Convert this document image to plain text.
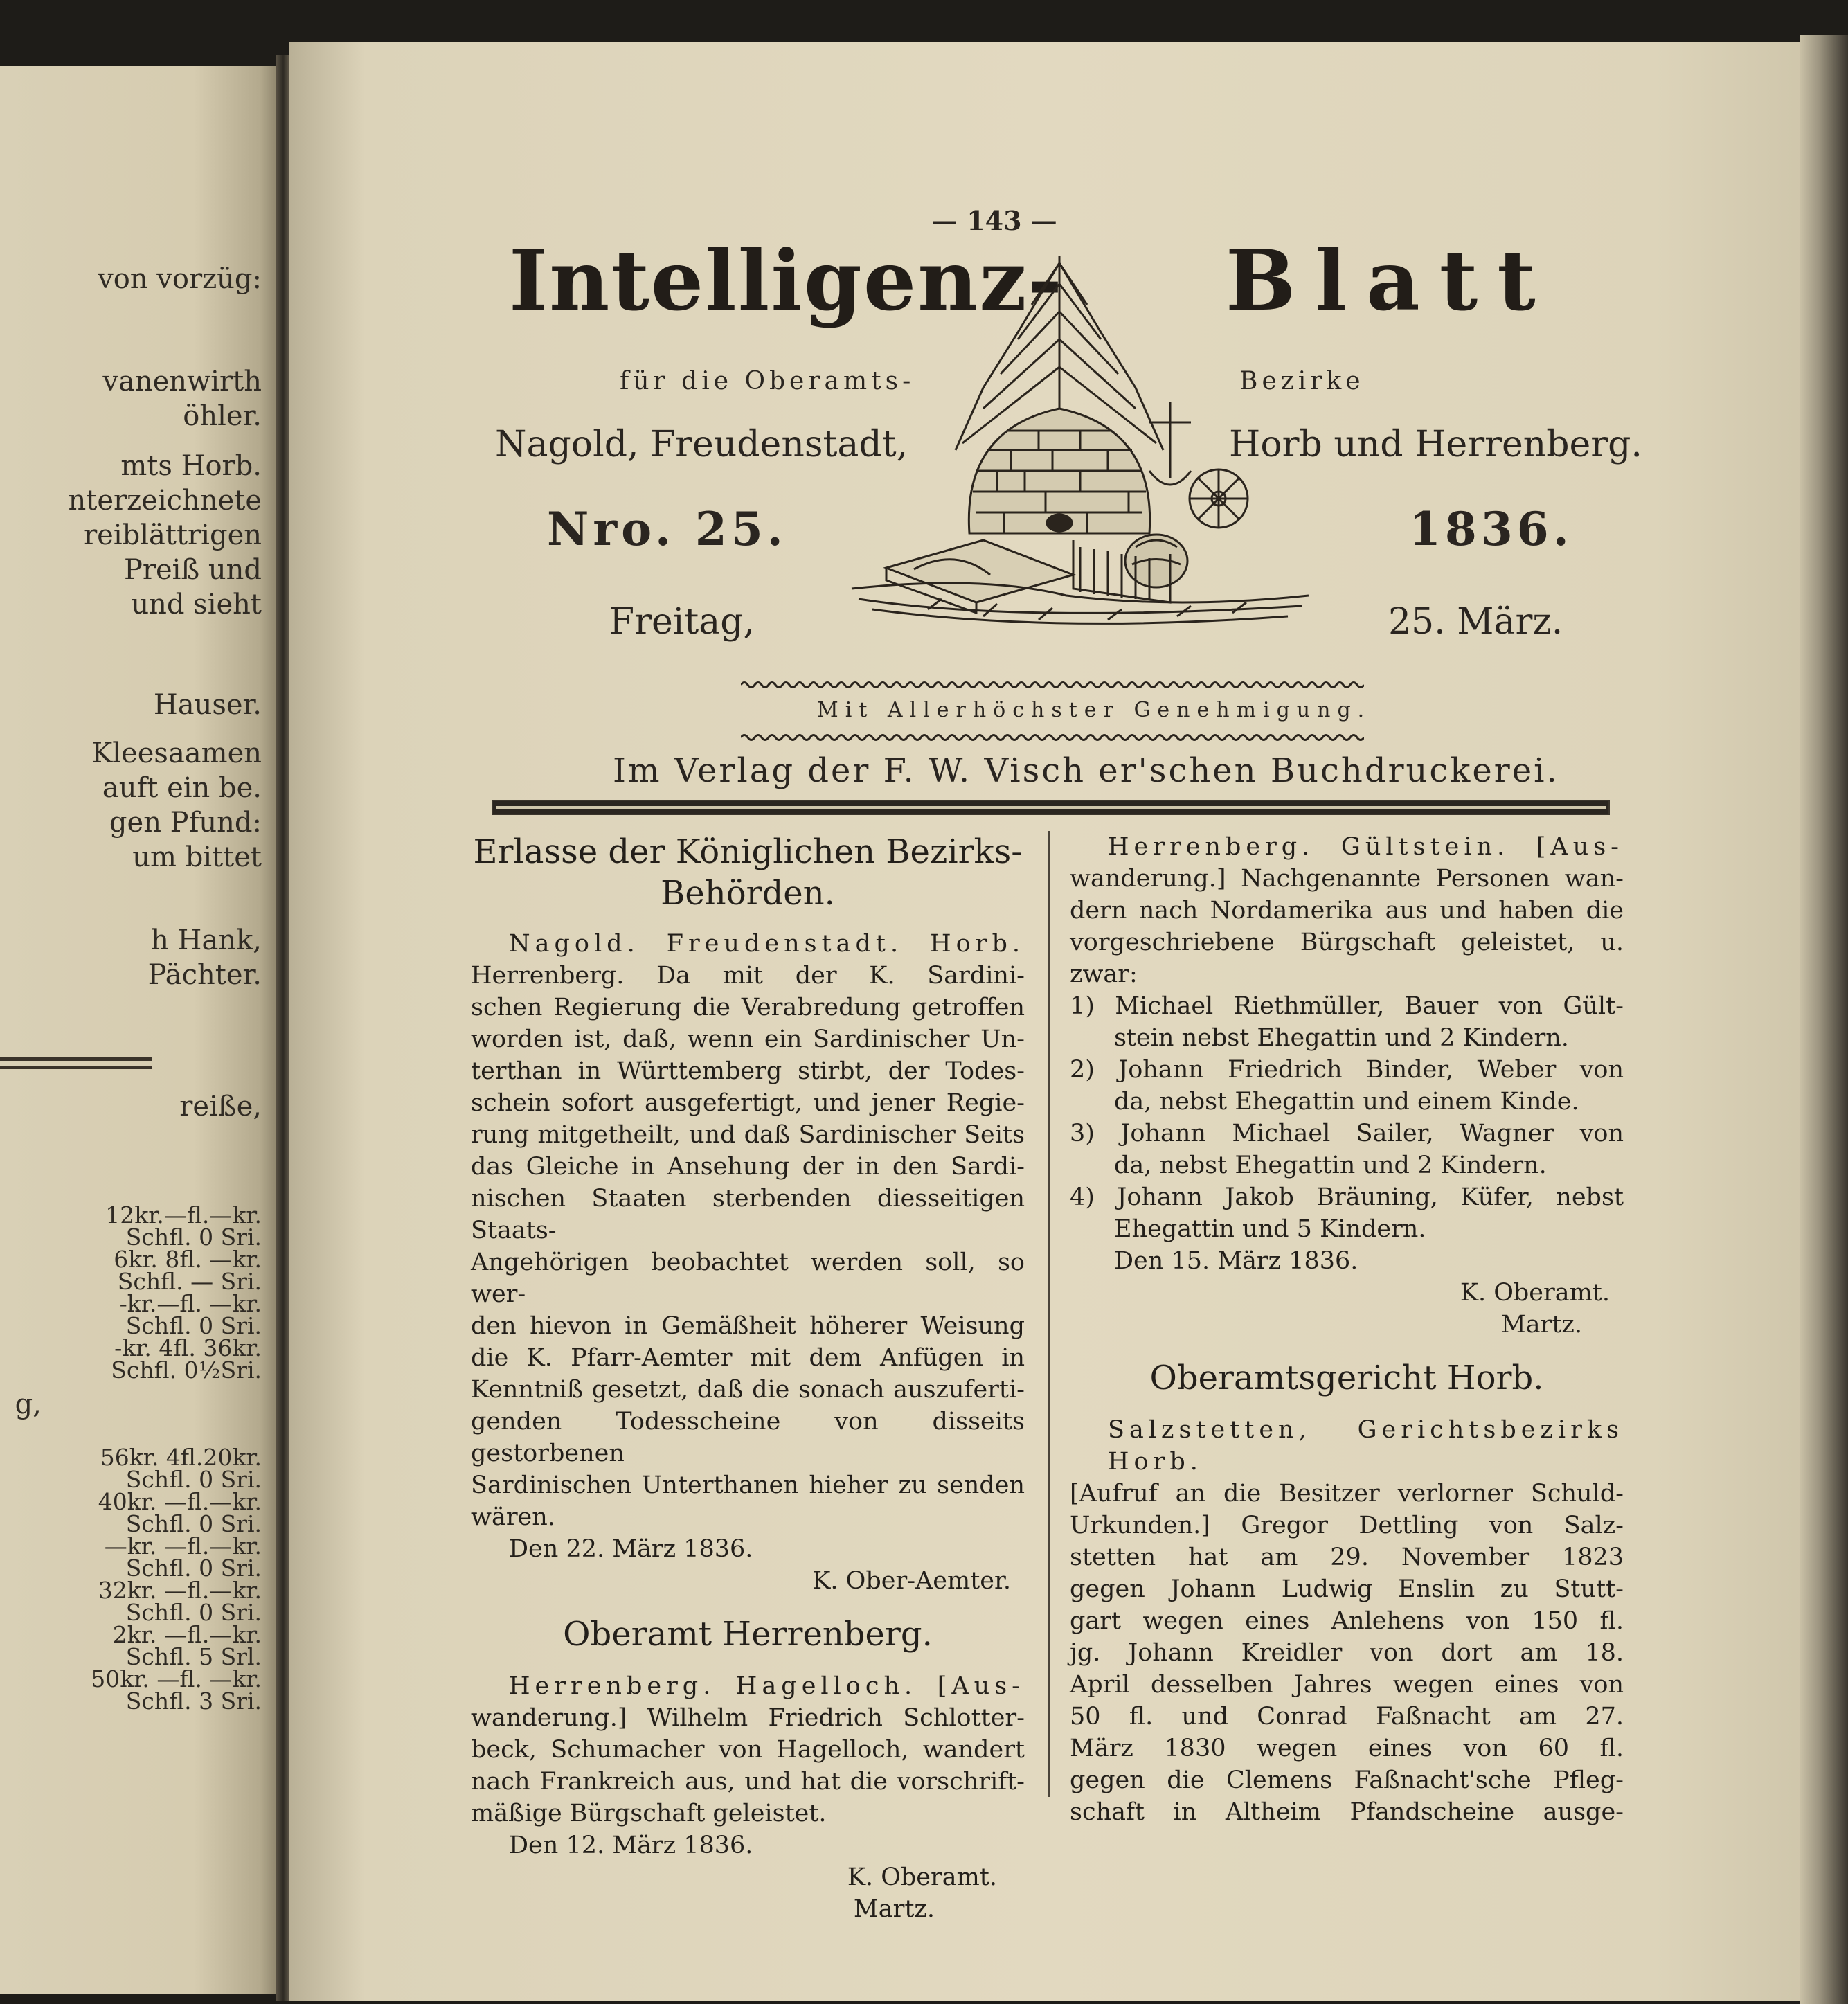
von vorzüg:
vanenwirth
öhler.
mts Horb.
nterzeichnete
reiblättrigen
Preiß und
und sieht
Hauser.
Kleesaamen
auft ein be.
gen Pfund:
um bittet
h Hank,
Pächter.
reiße,
12kr.—fl.—kr.
Schfl. 0 Sri.
6kr. 8fl. —kr.
Schfl. — Sri.
-kr.—fl. —kr.
Schfl. 0 Sri.
-kr. 4fl. 36kr.
Schfl. 0½Sri.
g,
56kr. 4fl.20kr.
Schfl. 0 Sri.
40kr. —fl.—kr.
Schfl. 0 Sri.
—kr. —fl.—kr.
Schfl. 0 Sri.
32kr. —fl.—kr.
Schfl. 0 Sri.
2kr. —fl.—kr.
Schfl. 5 Srl.
50kr. —fl. —kr.
Schfl. 3 Sri.
— 143 —
Intelligenz- Blatt
für die Oberamts-	Bezirke
Nagold, Freudenstadt,	Horb und Herrenberg.
Nro. 25.	1836.
Freitag,	25. März.
Mit Allerhöchster Genehmigung.
Im Verlag der F. W. Visch er'schen Buchdruckerei.
Erlasse der Königlichen Bezirks-
Behörden.
Nagold. Freudenstadt. Horb.
Herrenberg. Da mit der K. Sardini-
schen Regierung die Verabredung getroffen
worden ist, daß, wenn ein Sardinischer Un-
terthan in Württemberg stirbt, der Todes-
schein sofort ausgefertigt, und jener Regie-
rung mitgetheilt, und daß Sardinischer Seits
das Gleiche in Ansehung der in den Sardi-
nischen Staaten sterbenden diesseitigen Staats-
Angehörigen beobachtet werden soll, so wer-
den hievon in Gemäßheit höherer Weisung
die K. Pfarr-Aemter mit dem Anfügen in
Kenntniß gesetzt, daß die sonach auszuferti-
genden Todesscheine von disseits gestorbenen
Sardinischen Unterthanen hieher zu senden
wären.
Den 22. März 1836.
K. Ober-Aemter.
Oberamt Herrenberg.
Herrenberg. Hagelloch. [Aus-
wanderung.] Wilhelm Friedrich Schlotter-
beck, Schumacher von Hagelloch, wandert
nach Frankreich aus, und hat die vorschrift-
mäßige Bürgschaft geleistet.
Den 12. März 1836.
K. Oberamt.
Martz.
Herrenberg. Gültstein. [Aus-
wanderung.] Nachgenannte Personen wan-
dern nach Nordamerika aus und haben die
vorgeschriebene Bürgschaft geleistet, u. zwar:
1) Michael Riethmüller, Bauer von Gült-
stein nebst Ehegattin und 2 Kindern.
2) Johann Friedrich Binder, Weber von
da, nebst Ehegattin und einem Kinde.
3) Johann Michael Sailer, Wagner von
da, nebst Ehegattin und 2 Kindern.
4) Johann Jakob Bräuning, Küfer, nebst
Ehegattin und 5 Kindern.
Den 15. März 1836.
K. Oberamt.
Martz.
Oberamtsgericht Horb.
Salzstetten, Gerichtsbezirks Horb.
[Aufruf an die Besitzer verlorner Schuld-
Urkunden.] Gregor Dettling von Salz-
stetten hat am 29. November 1823
gegen Johann Ludwig Enslin zu Stutt-
gart wegen eines Anlehens von 150 fl.
jg. Johann Kreidler von dort am 18.
April desselben Jahres wegen eines von
50 fl. und Conrad Faßnacht am 27.
März 1830 wegen eines von 60 fl.
gegen die Clemens Faßnacht'sche Pfleg-
schaft in Altheim Pfandscheine ausge-
